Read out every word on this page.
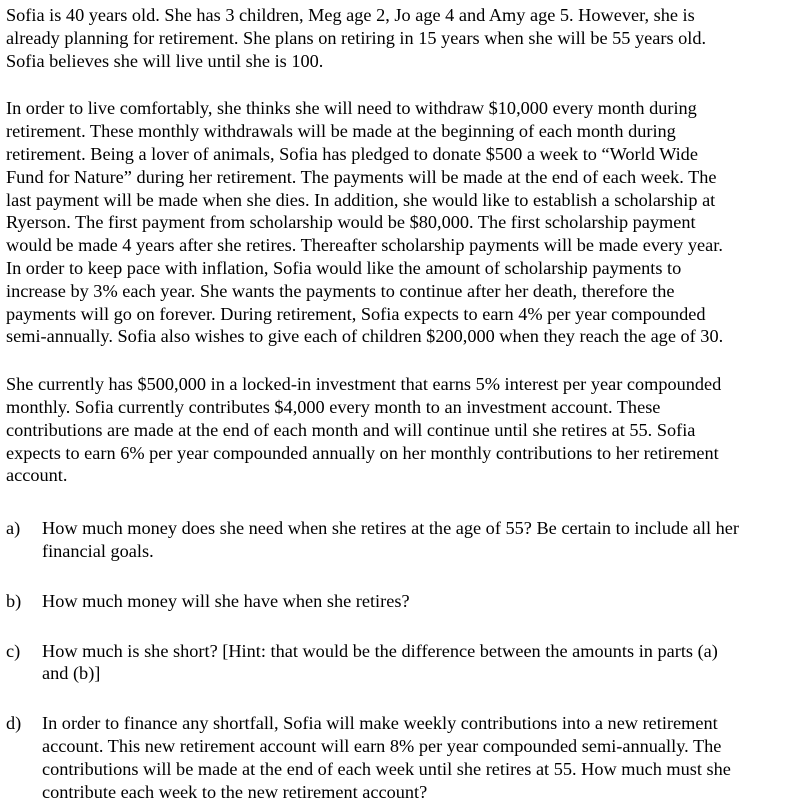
Sofia is 40 years old. She has 3 children, Meg age 2, Jo age 4 and Amy age 5. However, she is

already planning for retirement. She plans on retiring in 15 years when she will be 55 years old.

Sofia believes she will live until she is 100.

In order to live comfortably, she thinks she will need to withdraw $10,000 every month during

retirement. These monthly withdrawals will be made at the beginning of each month during

retirement. Being a lover of animals, Sofia has pledged to donate $500 a week to “World Wide

Fund for Nature” during her retirement. The payments will be made at the end of each week. The

last payment will be made when she dies. In addition, she would like to establish a scholarship at

Ryerson. The first payment from scholarship would be $80,000. The first scholarship payment

would be made 4 years after she retires. Thereafter scholarship payments will be made every year.

In order to keep pace with inflation, Sofia would like the amount of scholarship payments to

increase by 3% each year. She wants the payments to continue after her death, therefore the

payments will go on forever. During retirement, Sofia expects to earn 4% per year compounded

semi-annually. Sofia also wishes to give each of children $200,000 when they reach the age of 30.

She currently has $500,000 in a locked-in investment that earns 5% interest per year compounded

monthly. Sofia currently contributes $4,000 every month to an investment account. These

contributions are made at the end of each month and will continue until she retires at 55. Sofia

expects to earn 6% per year compounded annually on her monthly contributions to her retirement

account.

a)	How much money does she need when she retires at the age of 55? Be certain to include all her

financial goals.

b)	How much money will she have when she retires?

c)	How much is she short? [Hint: that would be the difference between the amounts in parts (a)

and (b)]

d)	In order to finance any shortfall, Sofia will make weekly contributions into a new retirement

account. This new retirement account will earn 8% per year compounded semi-annually. The

contributions will be made at the end of each week until she retires at 55. How much must she

contribute each week to the new retirement account?
